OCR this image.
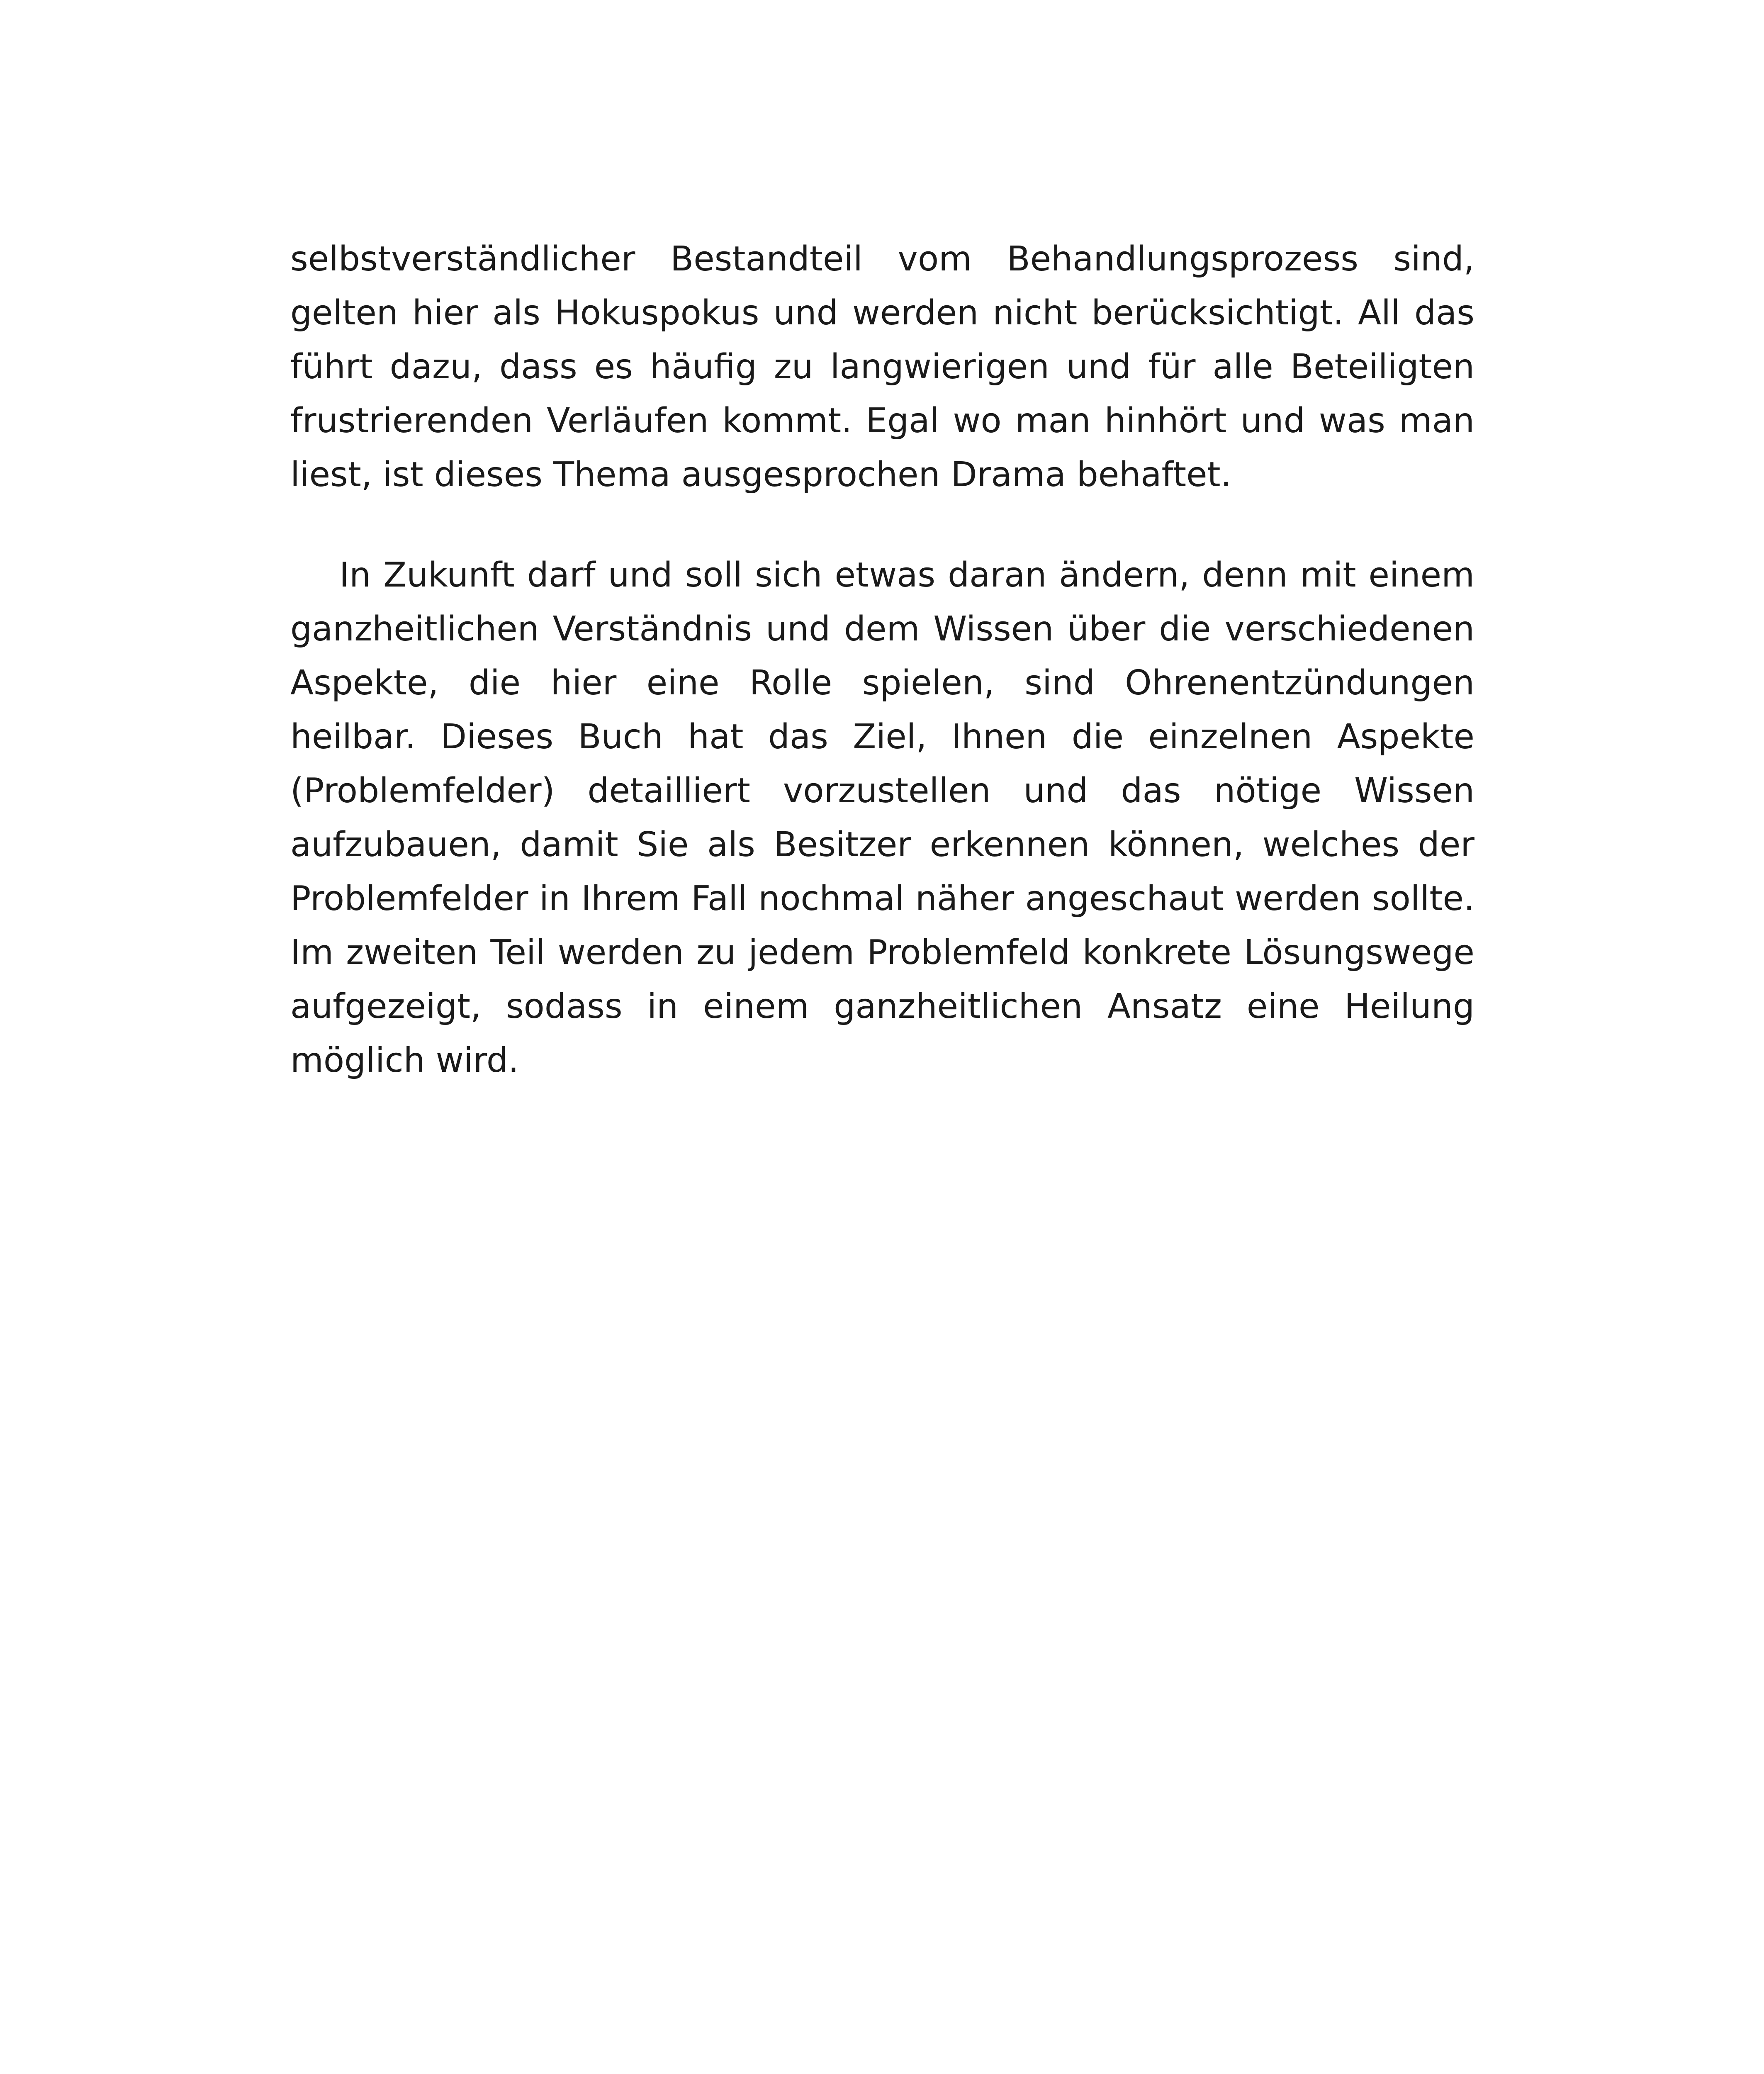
selbstverständlicher Bestandteil vom Behandlungsprozess sind, gelten hier als Hokuspokus und werden nicht berücksichtigt. All das führt dazu, dass es häufig zu langwierigen und für alle Beteiligten frustrierenden Verläufen kommt. Egal wo man hinhört und was man liest, ist dieses Thema ausgesprochen Drama behaftet.

In Zukunft darf und soll sich etwas daran ändern, denn mit einem ganzheitlichen Verständnis und dem Wissen über die verschiedenen Aspekte, die hier eine Rolle spielen, sind Ohrenentzündungen heilbar. Dieses Buch hat das Ziel, Ihnen die einzelnen Aspekte (Problemfelder) detailliert vorzustellen und das nötige Wissen aufzubauen, damit Sie als Besitzer erkennen können, welches der Problemfelder in Ihrem Fall nochmal näher angeschaut werden sollte. Im zweiten Teil werden zu jedem Problemfeld konkrete Lösungswege aufgezeigt, sodass in einem ganzheitlichen Ansatz eine Heilung möglich wird.
